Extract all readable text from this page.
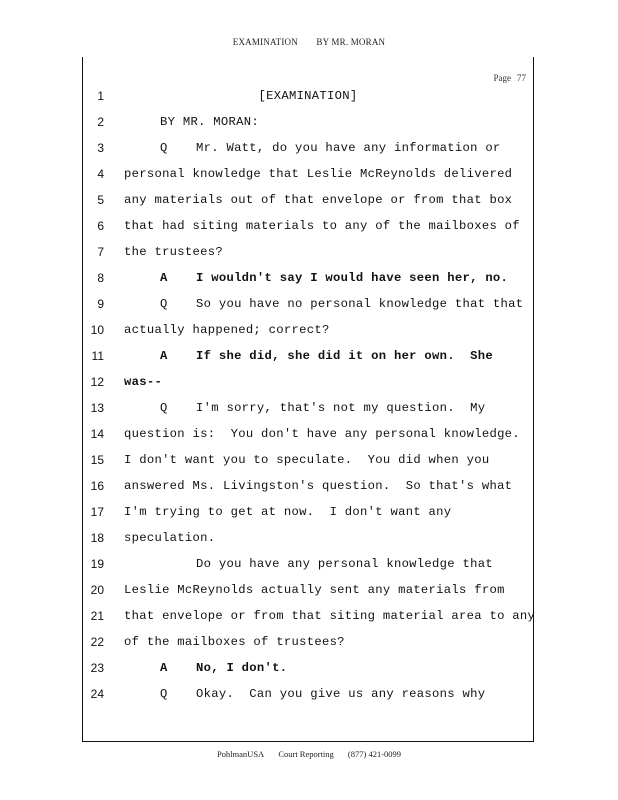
EXAMINATION BY MR. MORAN
Page 77
1	[EXAMINATION]
2	BY MR. MORAN:
3	Q Mr. Watt, do you have any information or
4 personal knowledge that Leslie McReynolds delivered
5 any materials out of that envelope or from that box
6 that had siting materials to any of the mailboxes of
7 the trustees?
8	A I wouldn't say I would have seen her, no.
9	Q So you have no personal knowledge that that
10 actually happened; correct?
11	A If she did, she did it on her own.  She
12 was--
13	Q I'm sorry, that's not my question.  My
14 question is:  You don't have any personal knowledge.
15 I don't want you to speculate.  You did when you
16 answered Ms. Livingston's question.  So that's what
17 I'm trying to get at now.  I don't want any
18 speculation.
19	Do you have any personal knowledge that
20 Leslie McReynolds actually sent any materials from
21 that envelope or from that siting material area to any
22 of the mailboxes of trustees?
23	A No, I don't.
24	Q Okay.  Can you give us any reasons why
PohlmanUSA Court Reporting (877) 421-0099
